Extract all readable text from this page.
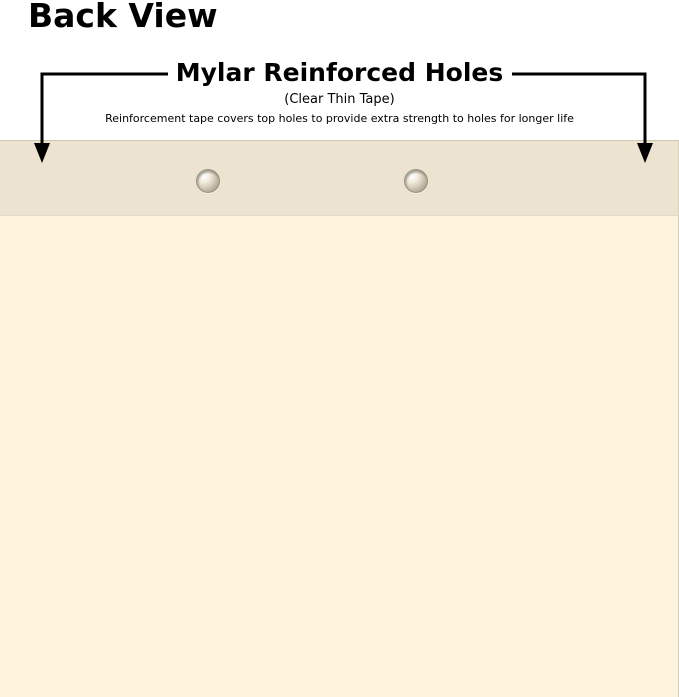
Back View
Mylar Reinforced Holes
(Clear Thin Tape)
Reinforcement tape covers top holes to provide extra strength to holes for longer life
